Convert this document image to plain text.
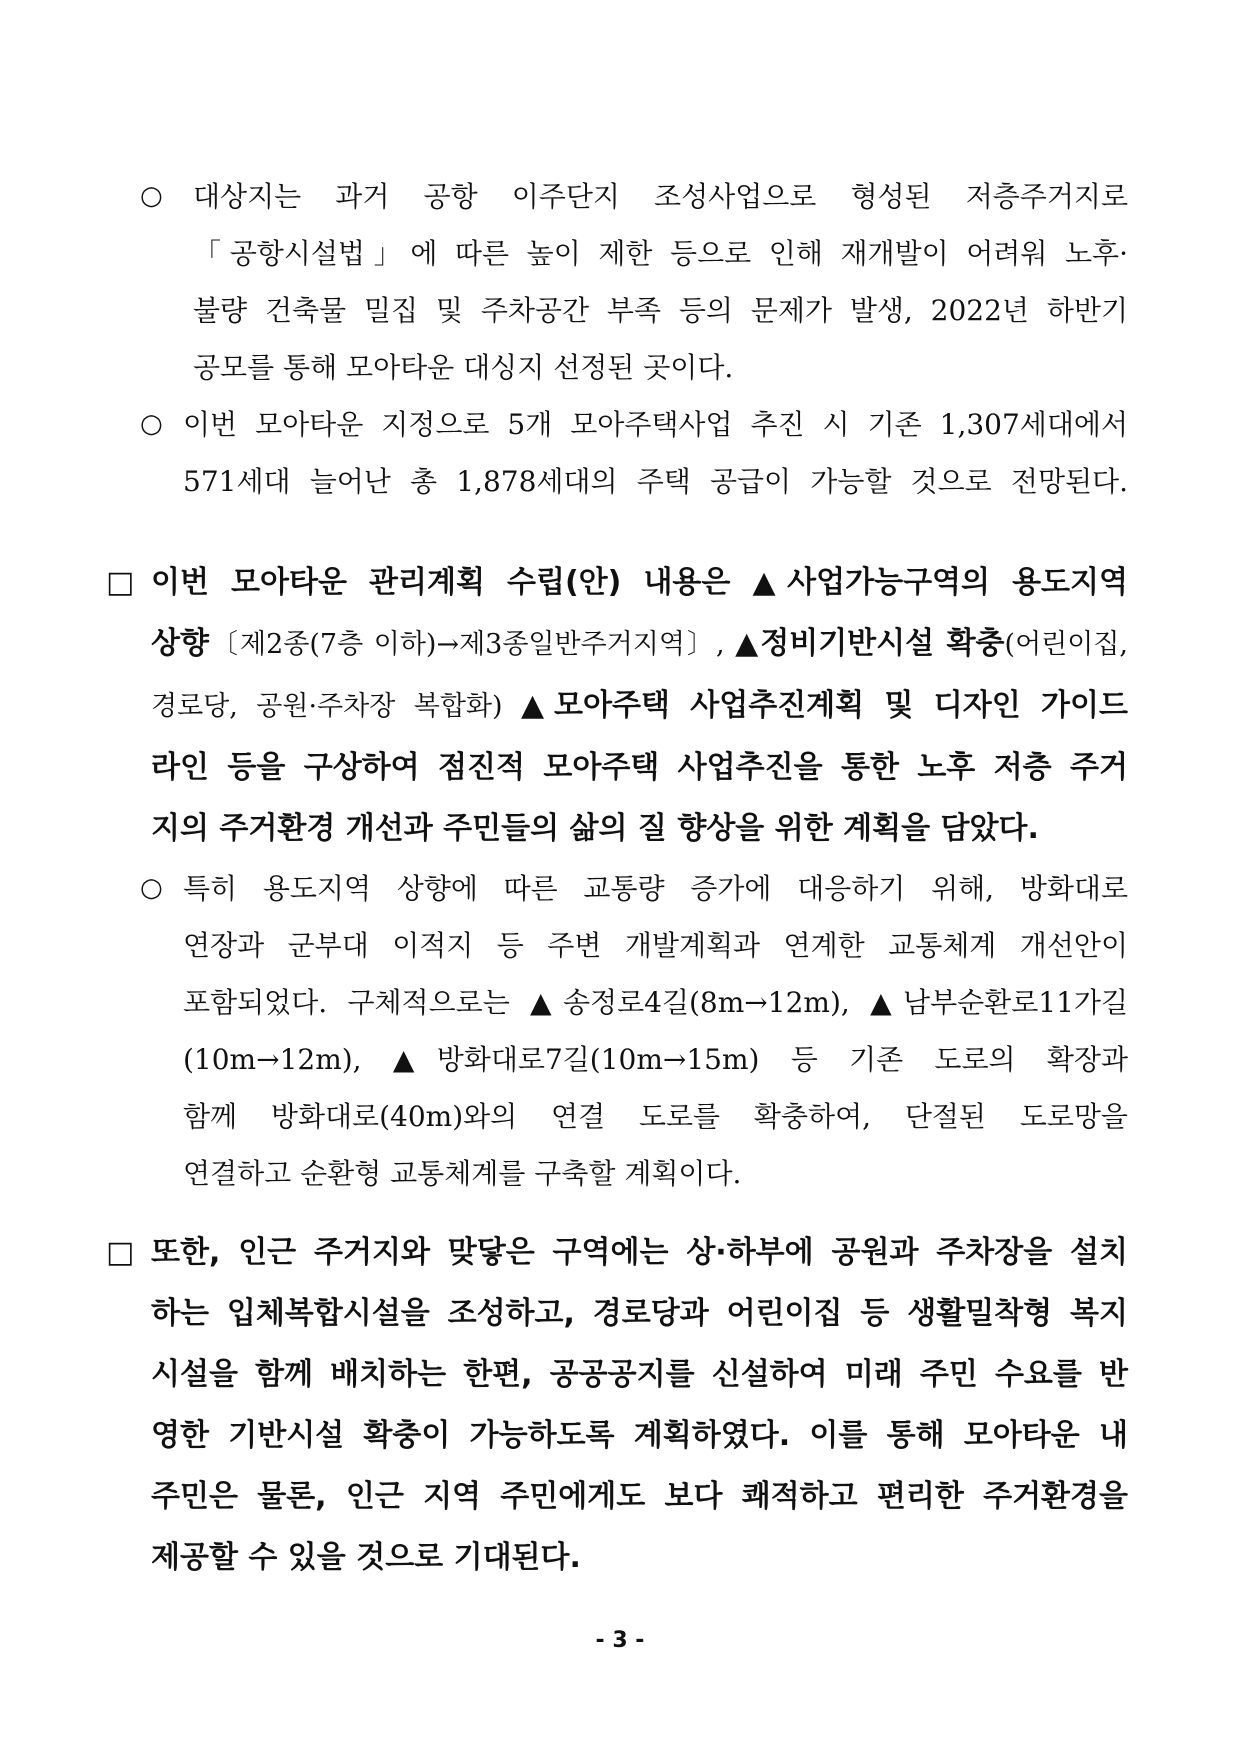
○ 대상지는 과거 공항 이주단지 조성사업으로 형성된 저층주거지로
「공항시설법」에 따른 높이 제한 등으로 인해 재개발이 어려워 노후·
불량 건축물 밀집 및 주차공간 부족 등의 문제가 발생, 2022년 하반기
공모를 통해 모아타운 대싱지 선정된 곳이다.
○ 이번 모아타운 지정으로 5개 모아주택사업 추진 시 기존 1,307세대에서
571세대 늘어난 총 1,878세대의 주택 공급이 가능할 것으로 전망된다.
□ 이번 모아타운 관리계획 수립(안) 내용은 ▲사업가능구역의 용도지역
상향〔제2종(7층 이하)→제3종일반주거지역〕, ▲정비기반시설 확충(어린이집,
경로당, 공원·주차장 복합화) ▲모아주택 사업추진계획 및 디자인 가이드
라인 등을 구상하여 점진적 모아주택 사업추진을 통한 노후 저층 주거
지의 주거환경 개선과 주민들의 삶의 질 향상을 위한 계획을 담았다.
○ 특히 용도지역 상향에 따른 교통량 증가에 대응하기 위해, 방화대로
연장과 군부대 이적지 등 주변 개발계획과 연계한 교통체계 개선안이
포함되었다. 구체적으로는 ▲송정로4길(8m→12m), ▲남부순환로11가길
(10m→12m), ▲방화대로7길(10m→15m) 등 기존 도로의 확장과
함께 방화대로(40m)와의 연결 도로를 확충하여, 단절된 도로망을
연결하고 순환형 교통체계를 구축할 계획이다.
□ 또한, 인근 주거지와 맞닿은 구역에는 상·하부에 공원과 주차장을 설치
하는 입체복합시설을 조성하고, 경로당과 어린이집 등 생활밀착형 복지
시설을 함께 배치하는 한편, 공공공지를 신설하여 미래 주민 수요를 반
영한 기반시설 확충이 가능하도록 계획하였다. 이를 통해 모아타운 내
주민은 물론, 인근 지역 주민에게도 보다 쾌적하고 편리한 주거환경을
제공할 수 있을 것으로 기대된다.
- 3 -
